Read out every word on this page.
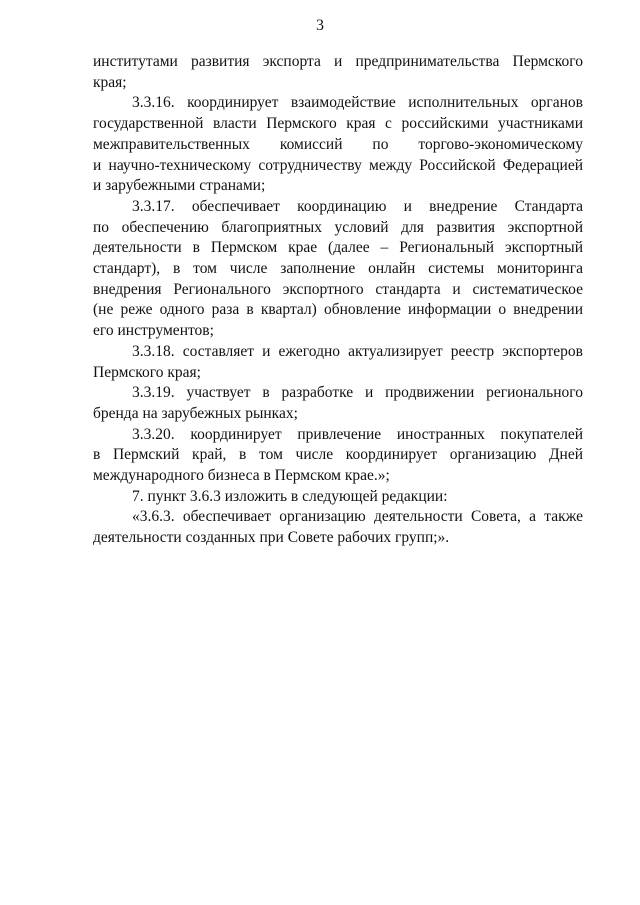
3
институтами развития экспорта и предпринимательства Пермского
края;
3.3.16. координирует взаимодействие исполнительных органов
государственной власти Пермского края с российскими участниками
межправительственных комиссий по торгово-экономическому
и научно-техническому сотрудничеству между Российской Федерацией
и зарубежными странами;
3.3.17. обеспечивает координацию и внедрение Стандарта
по обеспечению благоприятных условий для развития экспортной
деятельности в Пермском крае (далее – Региональный экспортный
стандарт), в том числе заполнение онлайн системы мониторинга
внедрения Регионального экспортного стандарта и систематическое
(не реже одного раза в квартал) обновление информации о внедрении
его инструментов;
3.3.18. составляет и ежегодно актуализирует реестр экспортеров
Пермского края;
3.3.19. участвует в разработке и продвижении регионального
бренда на зарубежных рынках;
3.3.20. координирует привлечение иностранных покупателей
в Пермский край, в том числе координирует организацию Дней
международного бизнеса в Пермском крае.»;
7. пункт 3.6.3 изложить в следующей редакции:
«3.6.3. обеспечивает организацию деятельности Совета, а также
деятельности созданных при Совете рабочих групп;».
